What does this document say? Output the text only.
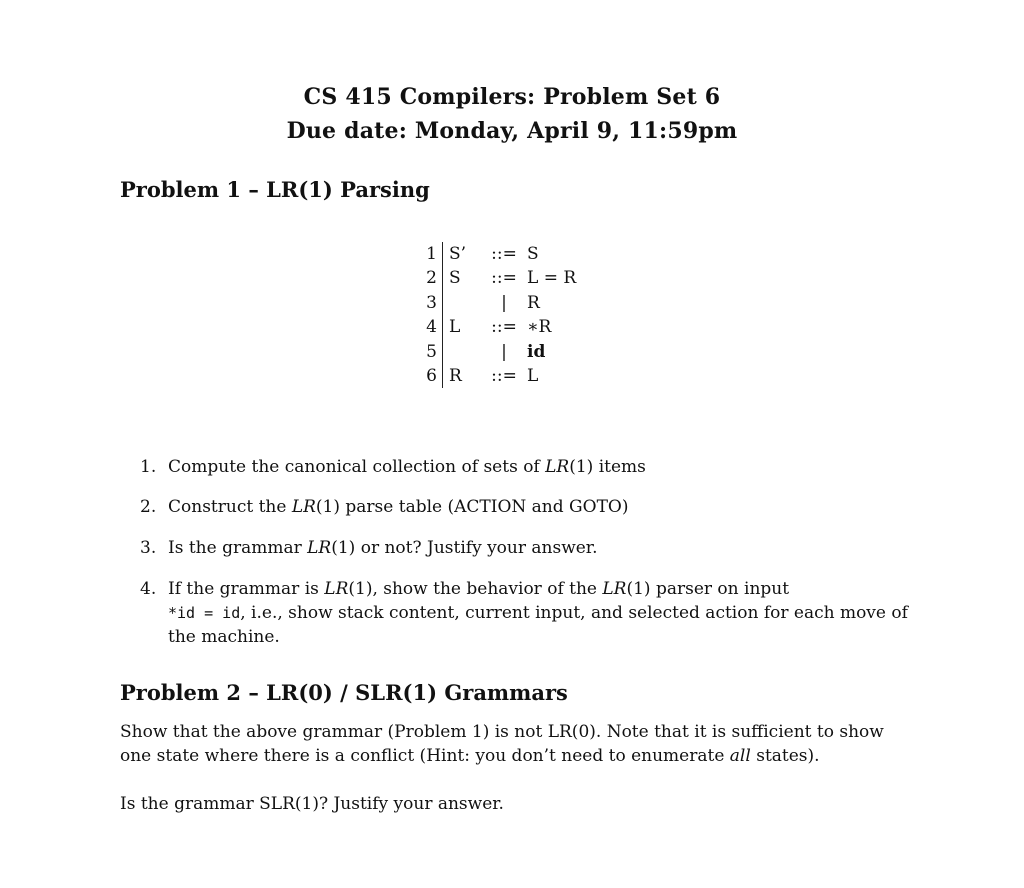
CS 415 Compilers: Problem Set 6
Due date: Monday, April 9, 11:59pm
Problem 1 – LR(1) Parsing
1	S’	::=	S
2	S	::=	L = R
3		|	R
4	L	::=	∗R
5		|	id
6	R	::=	L
1. Compute the canonical collection of sets of LR(1) items
2. Construct the LR(1) parse table (ACTION and GOTO)
3. Is the grammar LR(1) or not? Justify your answer.
4. If the grammar is LR(1), show the behavior of the LR(1) parser on input
*id = id, i.e., show stack content, current input, and selected action for each move of the machine.
Problem 2 – LR(0) / SLR(1) Grammars
Show that the above grammar (Problem 1) is not LR(0). Note that it is sufficient to show one state where there is a conflict (Hint: you don’t need to enumerate all states).
Is the grammar SLR(1)? Justify your answer.
